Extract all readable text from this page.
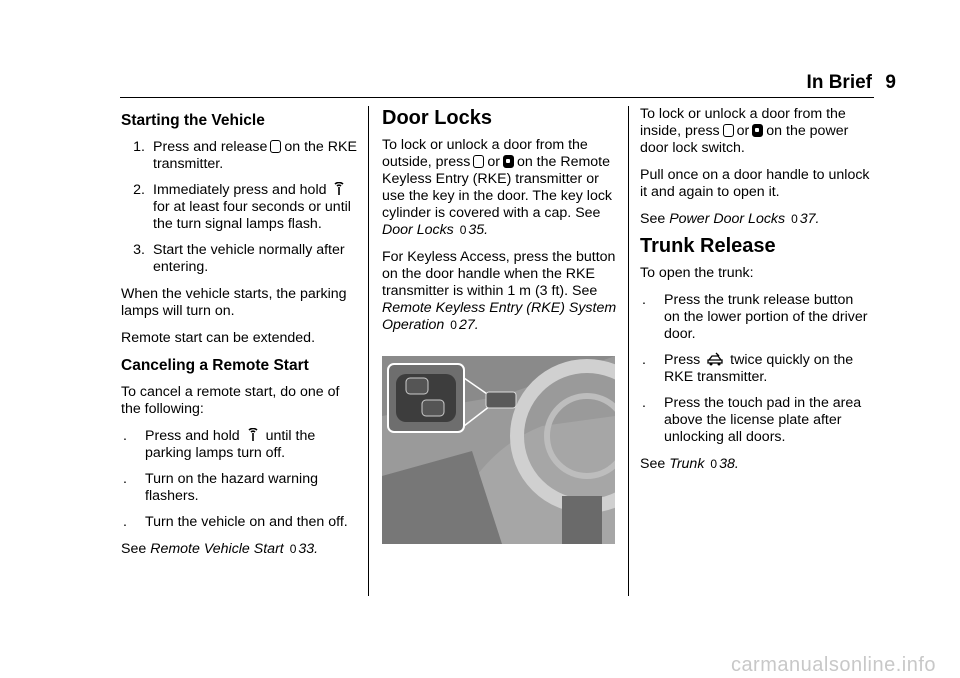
In Brief 9
Starting the Vehicle
1. Press and release on the RKE transmitter.
2. Immediately press and hold  for at least four seconds or until the turn signal lamps flash.
3. Start the vehicle normally after entering.

When the vehicle starts, the parking lamps will turn on.

Remote start can be extended.

Canceling a Remote Start

To cancel a remote start, do one of the following:

.	Press and hold until the parking lamps turn off.
.	Turn on the hazard warning flashers.
.	Turn the vehicle on and then off.

See Remote Vehicle Start 0 33.

Door Locks

To lock or unlock a door from the outside, press or on the Remote Keyless Entry (RKE) transmitter or use the key in the door. The key lock cylinder is covered with a cap. See Door Locks 0 35.

For Keyless Access, press the button on the door handle when the RKE transmitter is within 1 m (3 ft). See Remote Keyless Entry (RKE) System Operation 0 27.

To lock or unlock a door from the inside, press or on the power door lock switch.

Pull once on a door handle to unlock it and again to open it.

See Power Door Locks 0 37.

Trunk Release

To open the trunk:

.	Press the trunk release button on the lower portion of the driver door.
.	Press twice quickly on the RKE transmitter.
.	Press the touch pad in the area above the license plate after unlocking all doors.

See Trunk 0 38.

carmanualsonline.info
